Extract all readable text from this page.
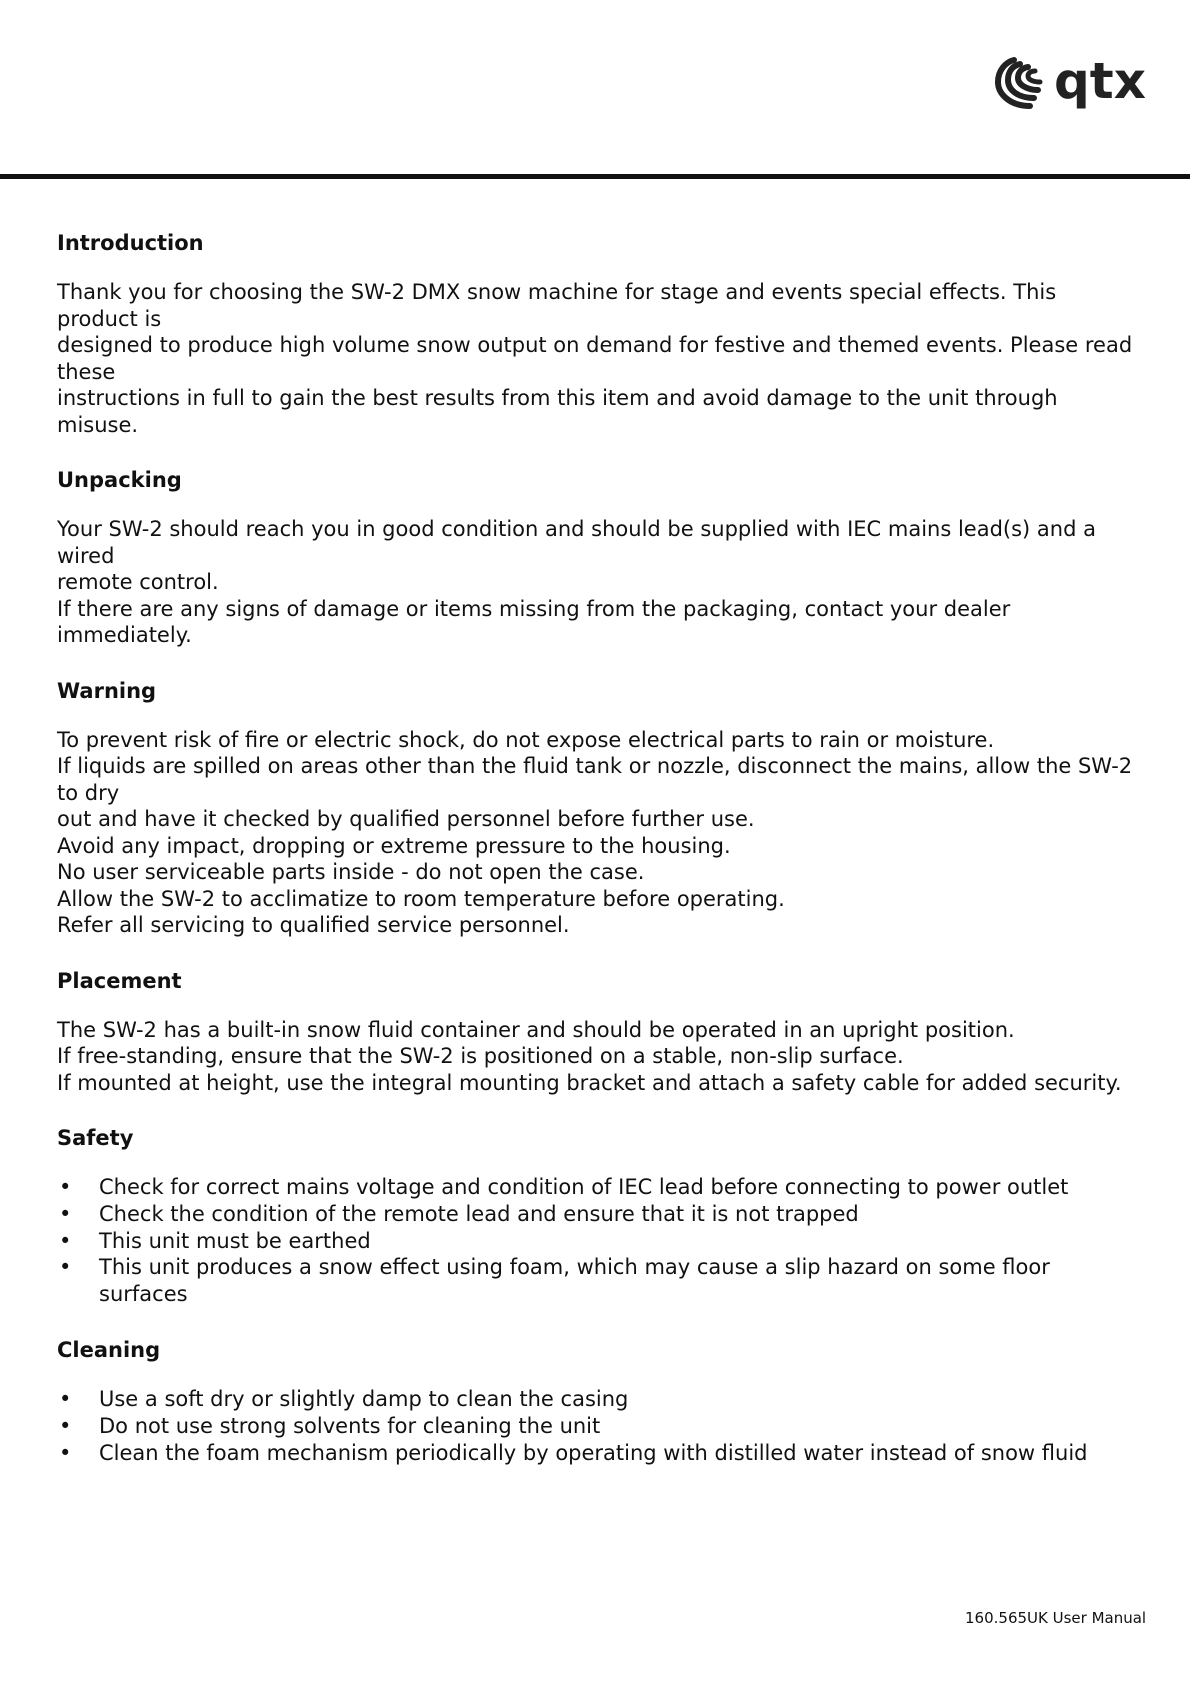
qtx
Introduction

Thank you for choosing the SW-2 DMX snow machine for stage and events special effects. This product is

designed to produce high volume snow output on demand for festive and themed events. Please read these

instructions in full to gain the best results from this item and avoid damage to the unit through misuse.

Unpacking

Your SW-2 should reach you in good condition and should be supplied with IEC mains lead(s) and a wired

remote control.

If there are any signs of damage or items missing from the packaging, contact your dealer immediately.

Warning

To prevent risk of fire or electric shock, do not expose electrical parts to rain or moisture.

If liquids are spilled on areas other than the fluid tank or nozzle, disconnect the mains, allow the SW-2 to dry

out and have it checked by qualified personnel before further use.

Avoid any impact, dropping or extreme pressure to the housing.

No user serviceable parts inside - do not open the case.

Allow the SW-2 to acclimatize to room temperature before operating.

Refer all servicing to qualified service personnel.

Placement

The SW-2 has a built-in snow fluid container and should be operated in an upright position.

If free-standing, ensure that the SW-2 is positioned on a stable, non-slip surface.

If mounted at height, use the integral mounting bracket and attach a safety cable for added security.

Safety
• Check for correct mains voltage and condition of IEC lead before connecting to power outlet
• Check the condition of the remote lead and ensure that it is not trapped
• This unit must be earthed
• This unit produces a snow effect using foam, which may cause a slip hazard on some floor surfaces
Cleaning
• Use a soft dry or slightly damp to clean the casing
• Do not use strong solvents for cleaning the unit
• Clean the foam mechanism periodically by operating with distilled water instead of snow fluid
160.565UK User Manual
